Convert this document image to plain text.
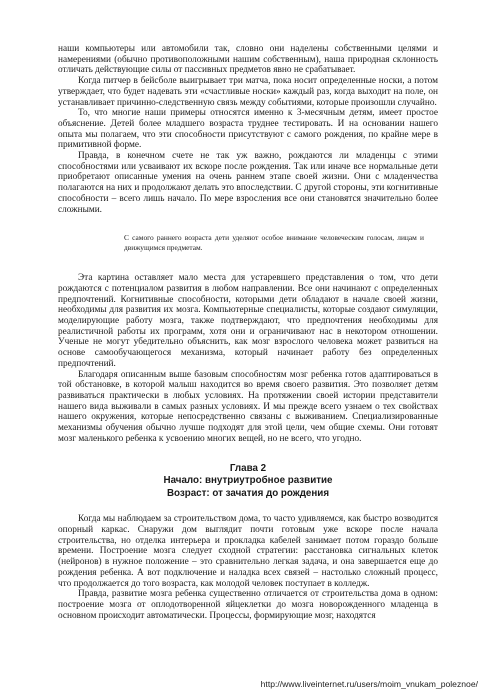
наши компьютеры или автомобили так, словно они наделены собственными целями и намерениями (обычно противоположными нашим собственным), наша природная склонность отличать действующие силы от пассивных предметов явно не срабатывает.

Когда питчер в бейсболе выигрывает три матча, пока носит определенные носки, а потом утверждает, что будет надевать эти «счастливые носки» каждый раз, когда выходит на поле, он устанавливает причинно-следственную связь между событиями, которые произошли случайно.

То, что многие наши примеры относятся именно к 3-месячным детям, имеет простое объяснение. Детей более младшего возраста труднее тестировать. И на основании нашего опыта мы полагаем, что эти способности присутствуют с самого рождения, по крайне мере в примитивной форме.

Правда, в конечном счете не так уж важно, рождаются ли младенцы с этими способностями или усваивают их вскоре после рождения. Так или иначе все нормальные дети приобретают описанные умения на очень раннем этапе своей жизни. Они с младенчества полагаются на них и продолжают делать это впоследствии. С другой стороны, эти когнитивные способности – всего лишь начало. По мере взросления все они становятся значительно более сложными.

С самого раннего возраста дети уделяют особое внимание человеческим голосам, лицам и движущимся предметам.

Эта картина оставляет мало места для устаревшего представления о том, что дети рождаются с потенциалом развития в любом направлении. Все они начинают с определенных предпочтений. Когнитивные способности, которыми дети обладают в начале своей жизни, необходимы для развития их мозга. Компьютерные специалисты, которые создают симуляции, моделирующие работу мозга, также подтверждают, что предпочтения необходимы для реалистичной работы их программ, хотя они и ограничивают нас в некотором отношении. Ученые не могут убедительно объяснить, как мозг взрослого человека может развиться на основе самообучающегося механизма, который начинает работу без определенных предпочтений.

Благодаря описанным выше базовым способностям мозг ребенка готов адаптироваться в той обстановке, в которой малыш находится во время своего развития. Это позволяет детям развиваться практически в любых условиях. На протяжении своей истории представители нашего вида выживали в самых разных условиях. И мы прежде всего узнаем о тех свойствах нашего окружения, которые непосредственно связаны с выживанием. Специализированные механизмы обучения обычно лучше подходят для этой цели, чем общие схемы. Они готовят мозг маленького ребенка к усвоению многих вещей, но не всего, что угодно.

Глава 2
Начало: внутриутробное развитие
Возраст: от зачатия до рождения

Когда мы наблюдаем за строительством дома, то часто удивляемся, как быстро возводится опорный каркас. Снаружи дом выглядит почти готовым уже вскоре после начала строительства, но отделка интерьера и прокладка кабелей занимает потом гораздо больше времени. Построение мозга следует сходной стратегии: расстановка сигнальных клеток (нейронов) в нужное положение – это сравнительно легкая задача, и она завершается еще до рождения ребенка. А вот подключение и наладка всех связей – настолько сложный процесс, что продолжается до того возраста, как молодой человек поступает в колледж.

Правда, развитие мозга ребенка существенно отличается от строительства дома в одном: построение мозга от оплодотворенной яйцеклетки до мозга новорожденного младенца в основном происходит автоматически. Процессы, формирующие мозг, находятся

http://www.liveinternet.ru/users/moim_vnukam_poleznoe/
